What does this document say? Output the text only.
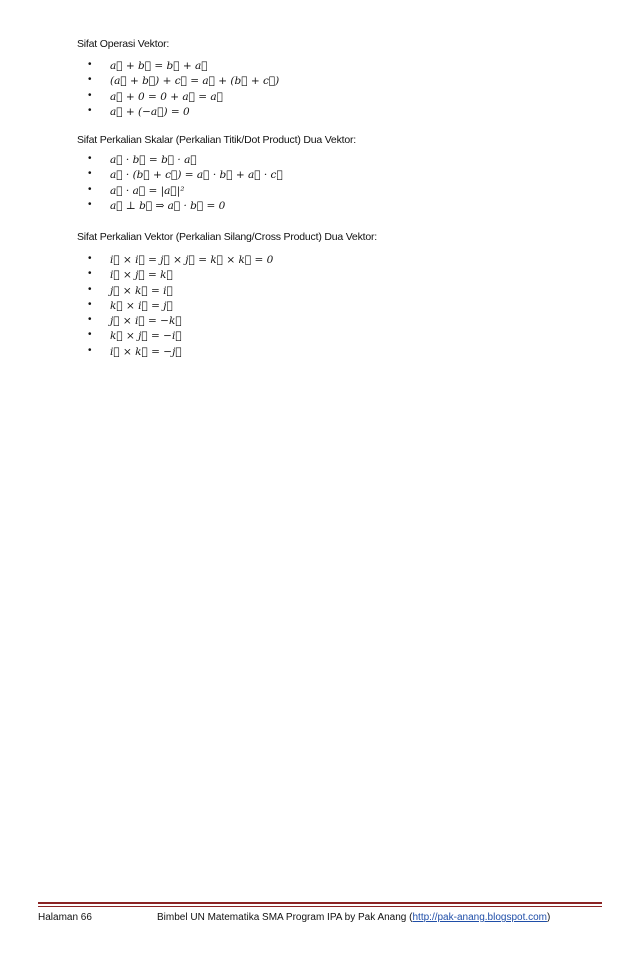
Sifat Operasi Vektor:
• a⃗ + b⃗ = b⃗ + a⃗
• (a⃗ + b⃗) + c⃗ = a⃗ + (b⃗ + c⃗)
• a⃗ + 0 = 0 + a⃗ = a⃗
• a⃗ + (−a⃗) = 0
Sifat Perkalian Skalar (Perkalian Titik/Dot Product) Dua Vektor:
• a⃗ · b⃗ = b⃗ · a⃗
• a⃗ · (b⃗ + c⃗) = a⃗ · b⃗ + a⃗ · c⃗
• a⃗ · a⃗ = |a⃗|²
• a⃗ ⊥ b⃗ ⇒ a⃗ · b⃗ = 0
Sifat Perkalian Vektor (Perkalian Silang/Cross Product) Dua Vektor:
• i⃗ × i⃗ = j⃗ × j⃗ = k⃗ × k⃗ = 0
• i⃗ × j⃗ = k⃗
• j⃗ × k⃗ = i⃗
• k⃗ × i⃗ = j⃗
• j⃗ × i⃗ = −k⃗
• k⃗ × j⃗ = −i⃗
• i⃗ × k⃗ = −j⃗
Halaman 66	Bimbel UN Matematika SMA Program IPA by Pak Anang (http://pak-anang.blogspot.com)
